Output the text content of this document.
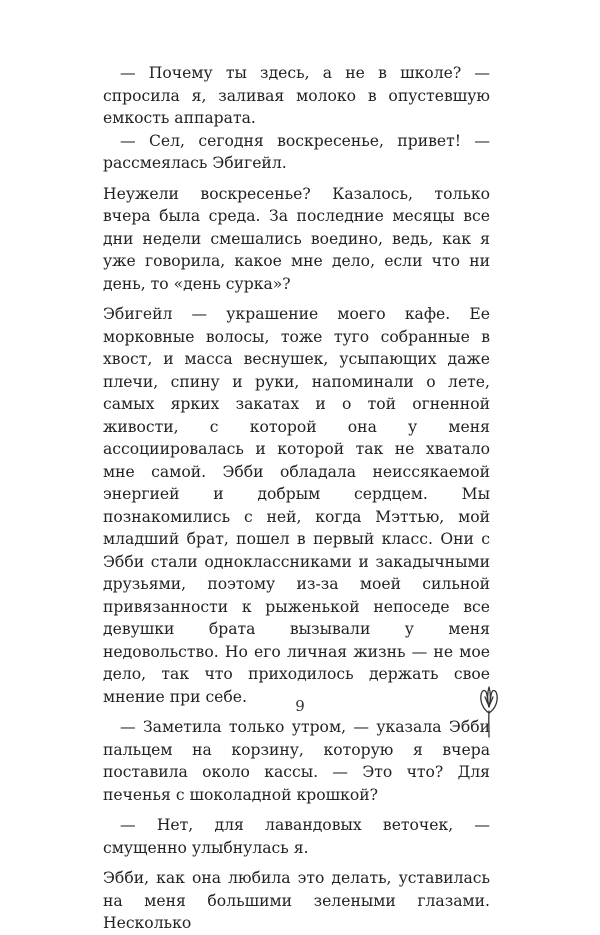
— Почему ты здесь, а не в школе? — спросила я, заливая молоко в опустевшую емкость аппарата.

— Сел, сегодня воскресенье, привет! — рассмеялась Эбигейл.

Неужели воскресенье? Казалось, только вчера была среда. За последние месяцы все дни недели смешались воедино, ведь, как я уже говорила, какое мне дело, если что ни день, то «день сурка»?

Эбигейл — украшение моего кафе. Ее морковные волосы, тоже туго собранные в хвост, и масса веснушек, усыпающих даже плечи, спину и руки, напоминали о лете, самых ярких закатах и о той огненной живости, с которой она у меня ассоциировалась и которой так не хватало мне самой. Эбби обладала неиссякаемой энергией и добрым сердцем. Мы познакомились с ней, когда Мэттью, мой младший брат, пошел в первый класс. Они с Эбби стали одноклассниками и закадычными друзьями, поэтому из-за моей сильной привязанности к рыженькой непоседе все девушки брата вызывали у меня недовольство. Но его личная жизнь — не мое дело, так что приходилось держать свое мнение при себе.

— Заметила только утром, — указала Эбби пальцем на корзину, которую я вчера поставила около кассы. — Это что? Для печенья с шоколадной крошкой?

— Нет, для лавандовых веточек, — смущенно улыбнулась я.

Эбби, как она любила это делать, уставилась на меня большими зелеными глазами. Несколько

9
